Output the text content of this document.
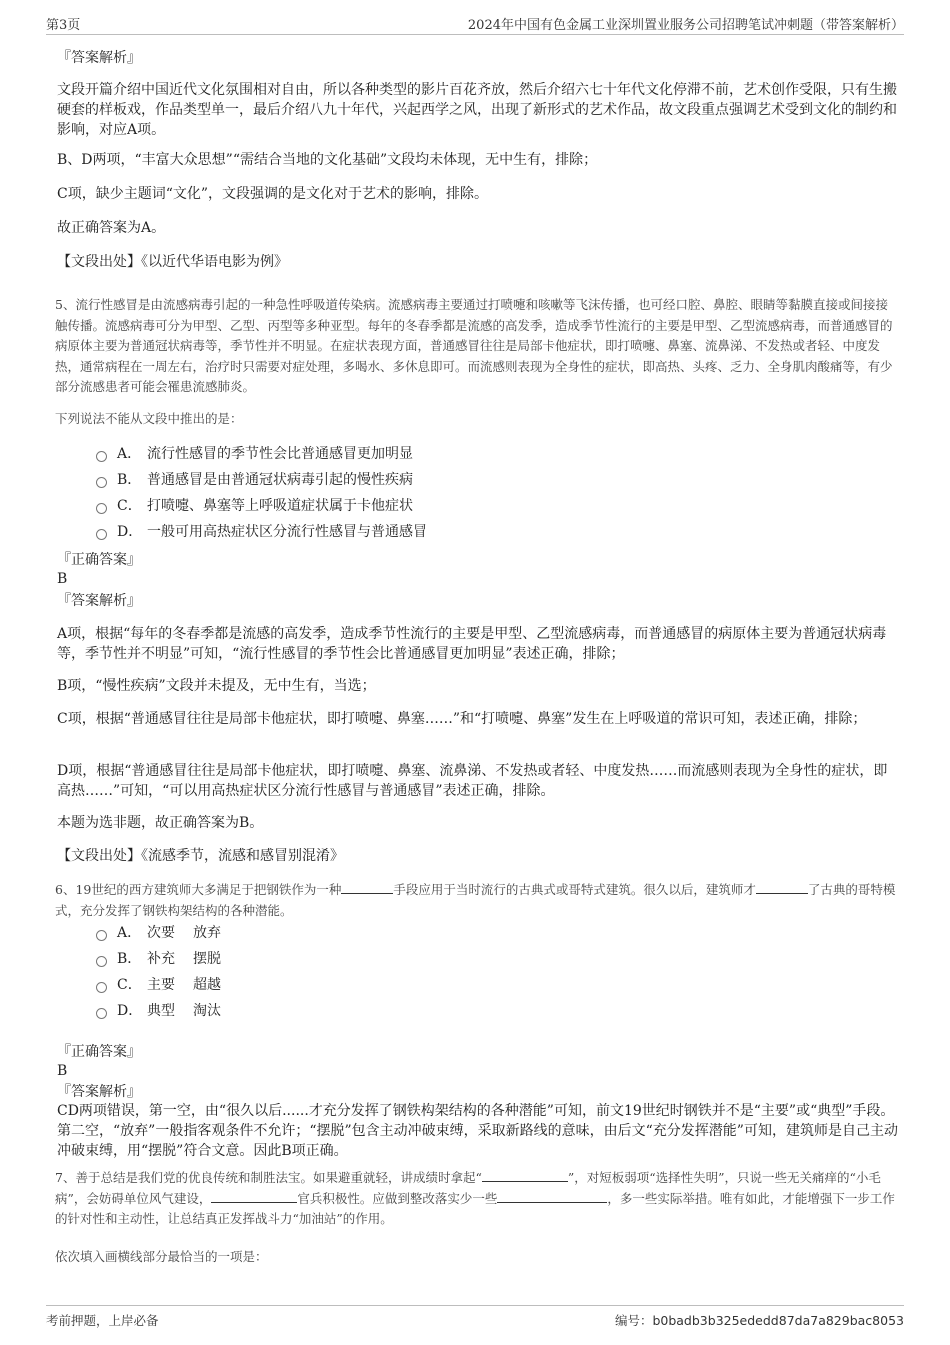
第3页	2024年中国有色金属工业深圳置业服务公司招聘笔试冲刺题（带答案解析）
『答案解析』
文段开篇介绍中国近代文化氛围相对自由，所以各种类型的影片百花齐放，然后介绍六七十年代文化停滞不前，艺术创作受限，只有生搬硬套的样板戏，作品类型单一，最后介绍八九十年代，兴起西学之风，出现了新形式的艺术作品，故文段重点强调艺术受到文化的制约和影响，对应A项。
B、D两项，“丰富大众思想”“需结合当地的文化基础”文段均未体现，无中生有，排除；
C项，缺少主题词“文化”，文段强调的是文化对于艺术的影响，排除。
故正确答案为A。
【文段出处】《以近代华语电影为例》
5、流行性感冒是由流感病毒引起的一种急性呼吸道传染病。流感病毒主要通过打喷嚏和咳嗽等飞沫传播，也可经口腔、鼻腔、眼睛等黏膜直接或间接接触传播。流感病毒可分为甲型、乙型、丙型等多种亚型。每年的冬春季都是流感的高发季，造成季节性流行的主要是甲型、乙型流感病毒，而普通感冒的病原体主要为普通冠状病毒等，季节性并不明显。在症状表现方面，普通感冒往往是局部卡他症状，即打喷嚏、鼻塞、流鼻涕、不发热或者轻、中度发热，通常病程在一周左右，治疗时只需要对症处理，多喝水、多休息即可。而流感则表现为全身性的症状，即高热、头疼、乏力、全身肌肉酸痛等，有少部分流感患者可能会罹患流感肺炎。
下列说法不能从文段中推出的是：
A． 流行性感冒的季节性会比普通感冒更加明显
B． 普通感冒是由普通冠状病毒引起的慢性疾病
C． 打喷嚏、鼻塞等上呼吸道症状属于卡他症状
D． 一般可用高热症状区分流行性感冒与普通感冒
『正确答案』
B
『答案解析』
A项，根据“每年的冬春季都是流感的高发季，造成季节性流行的主要是甲型、乙型流感病毒，而普通感冒的病原体主要为普通冠状病毒等，季节性并不明显”可知，“流行性感冒的季节性会比普通感冒更加明显”表述正确，排除；
B项，“慢性疾病”文段并未提及，无中生有，当选；
C项，根据“普通感冒往往是局部卡他症状，即打喷嚏、鼻塞……”和“打喷嚏、鼻塞”发生在上呼吸道的常识可知，表述正确，排除；
D项，根据“普通感冒往往是局部卡他症状，即打喷嚏、鼻塞、流鼻涕、不发热或者轻、中度发热……而流感则表现为全身性的症状，即高热……”可知，“可以用高热症状区分流行性感冒与普通感冒”表述正确，排除。
本题为选非题，故正确答案为B。
【文段出处】《流感季节，流感和感冒别混淆》
6、19世纪的西方建筑师大多满足于把钢铁作为一种	手段应用于当时流行的古典式或哥特式建筑。很久以后，建筑师才	了古典的哥特模式，充分发挥了钢铁构架结构的各种潜能。
A． 次要 放弃
B． 补充 摆脱
C． 主要 超越
D． 典型 淘汰
『正确答案』
B
『答案解析』
CD两项错误，第一空，由“很久以后......才充分发挥了钢铁构架结构的各种潜能”可知，前文19世纪时钢铁并不是“主要”或“典型”手段。第二空，“放弃”一般指客观条件不允许；“摆脱”包含主动冲破束缚，采取新路线的意味，由后文“充分发挥潜能”可知，建筑师是自己主动冲破束缚，用“摆脱”符合文意。因此B项正确。
7、善于总结是我们党的优良传统和制胜法宝。如果避重就轻，讲成绩时拿起“	”，对短板弱项“选择性失明”，只说一些无关痛痒的“小毛病”，会妨碍单位风气建设，	官兵积极性。应做到整改落实少一些	，多一些实际举措。唯有如此，才能增强下一步工作的针对性和主动性，让总结真正发挥战斗力“加油站”的作用。
依次填入画横线部分最恰当的一项是：
考前押题，上岸必备	编号：b0badb3b325ededd87da7a829bac8053
